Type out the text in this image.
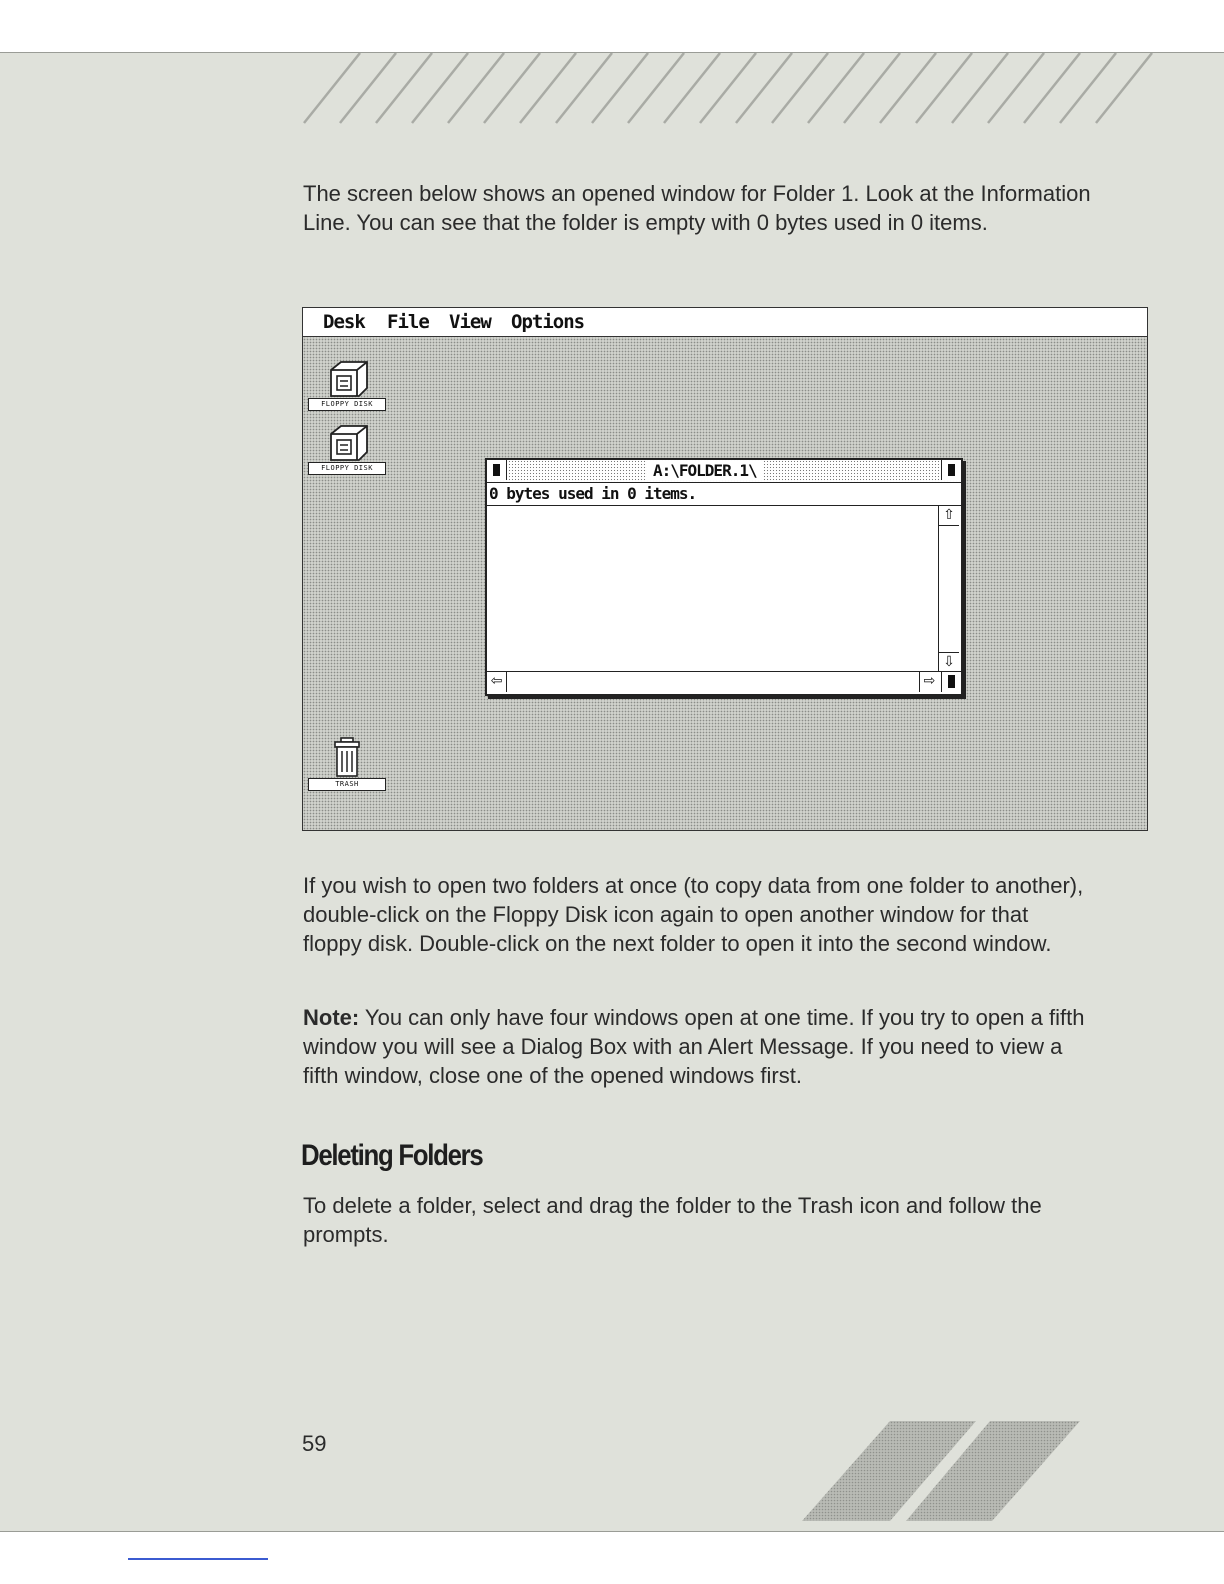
The screen below shows an opened window for Folder 1. Look at the Information Line. You can see that the folder is empty with 0 bytes used in 0 items.

Desk File View Options
FLOPPY DISK
FLOPPY DISK	A:\FOLDER.1\
0 bytes used in 0 items.
⇧
⇩
⇦	⇨
TRASH

If you wish to open two folders at once (to copy data from one folder to another), double-click on the Floppy Disk icon again to open another window for that floppy disk. Double-click on the next folder to open it into the second window.

Note: You can only have four windows open at one time. If you try to open a fifth window you will see a Dialog Box with an Alert Message. If you need to view a fifth window, close one of the opened windows first.

Deleting Folders

To delete a folder, select and drag the folder to the Trash icon and follow the prompts.

59
